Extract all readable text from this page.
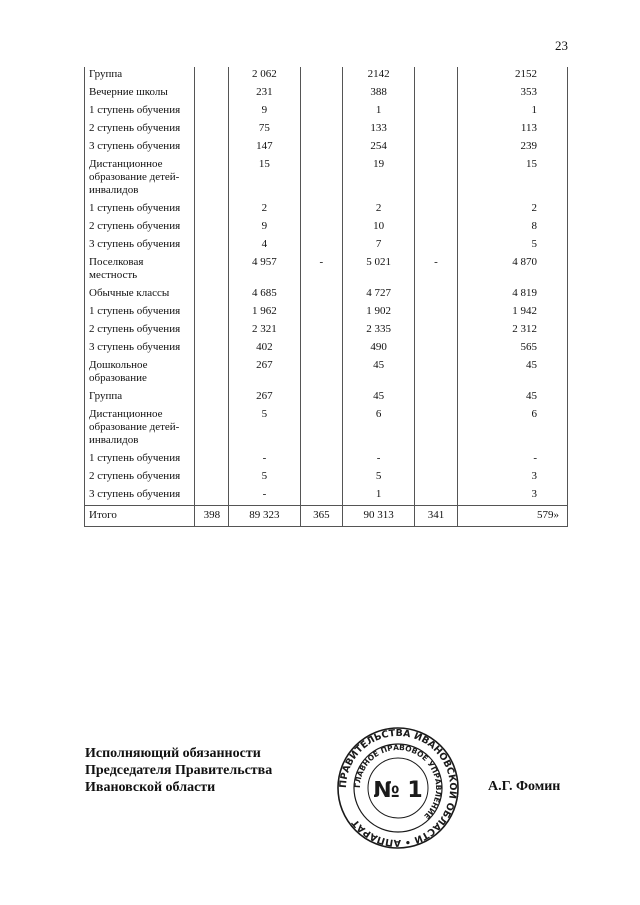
23
Группа		2 062		2142		2152
Вечерние школы		231		388		353
1 ступень обучения		9		1		1
2 ступень обучения		75		133		113
3 ступень обучения		147		254		239
Дистанционное образование детей-инвалидов		15		19		15
1 ступень обучения		2		2		2
2 ступень обучения		9		10		8
3 ступень обучения		4		7		5
Поселковая местность		4 957	-	5 021	-	4 870
Обычные классы		4 685		4 727		4 819
1 ступень обучения		1 962		1 902		1 942
2 ступень обучения		2 321		2 335		2 312
3 ступень обучения		402		490		565
Дошкольное образование		267		45		45
Группа		267		45		45
Дистанционное образование детей-инвалидов		5		6		6
1 ступень обучения		-		-		-
2 ступень обучения		5		5		3
3 ступень обучения		-		1		3
Итого	398	89 323	365	90 313	341	579»
Исполняющий обязанности
Председателя Правительства
Ивановской области	ПРАВИТЕЛЬСТВА ИВАНОВСКОЙ ОБЛАСТИ • АППАРАТ
ГЛАВНОЕ ПРАВОВОЕ УПРАВЛЕНИЕ
№ 1	А.Г. Фомин
